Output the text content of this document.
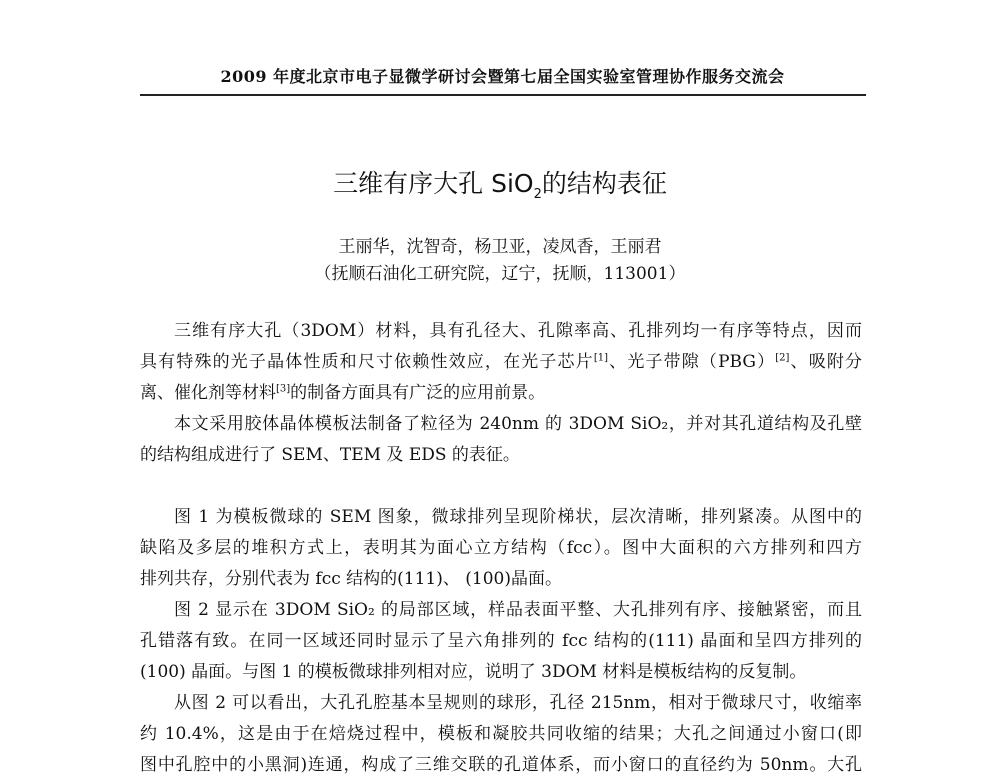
2009 年度北京市电子显微学研讨会暨第七届全国实验室管理协作服务交流会
三维有序大孔 SiO$_2$的结构表征
王丽华，沈智奇，杨卫亚，凌凤香，王丽君
（抚顺石油化工研究院，辽宁，抚顺，113001）
三维有序大孔（3DOM）材料，具有孔径大、孔隙率高、孔排列均一有序等特点，因而
具有特殊的光子晶体性质和尺寸依赖性效应，在光子芯片[1]、光子带隙（PBG）[2]、吸附分
离、催化剂等材料[3]的制备方面具有广泛的应用前景。
本文采用胶体晶体模板法制备了粒径为 240nm 的 3DOM SiO₂，并对其孔道结构及孔壁
的结构组成进行了 SEM、TEM 及 EDS 的表征。
图 1 为模板微球的 SEM 图象，微球排列呈现阶梯状，层次清晰，排列紧凑。从图中的
缺陷及多层的堆积方式上，表明其为面心立方结构（fcc）。图中大面积的六方排列和四方
排列共存，分别代表为 fcc 结构的(111)、 (100)晶面。
图 2 显示在 3DOM SiO₂ 的局部区域，样品表面平整、大孔排列有序、接触紧密，而且
孔错落有致。在同一区域还同时显示了呈六角排列的 fcc 结构的(111) 晶面和呈四方排列的
(100) 晶面。与图 1 的模板微球排列相对应，说明了 3DOM 材料是模板结构的反复制。
从图 2 可以看出，大孔孔腔基本呈规则的球形，孔径 215nm，相对于微球尺寸，收缩率
约 10.4%，这是由于在焙烧过程中，模板和凝胶共同收缩的结果；大孔之间通过小窗口(即
图中孔腔中的小黑洞)连通，构成了三维交联的孔道体系，而小窗口的直径约为 50nm。大孔
